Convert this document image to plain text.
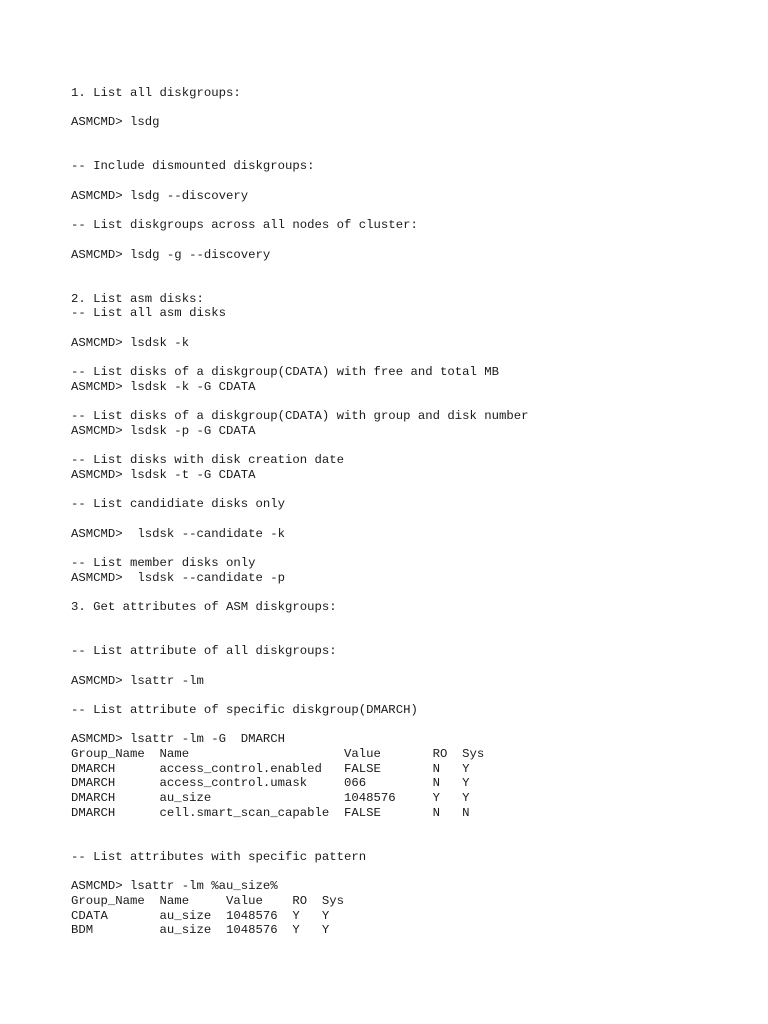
1. List all diskgroups:
ASMCMD> lsdg
-- Include dismounted diskgroups:
ASMCMD> lsdg --discovery
-- List diskgroups across all nodes of cluster:
ASMCMD> lsdg -g --discovery
2. List asm disks:
-- List all asm disks
ASMCMD> lsdsk -k
-- List disks of a diskgroup(CDATA) with free and total MB
ASMCMD> lsdsk -k -G CDATA
-- List disks of a diskgroup(CDATA) with group and disk number
ASMCMD> lsdsk -p -G CDATA
-- List disks with disk creation date
ASMCMD> lsdsk -t -G CDATA
-- List candidiate disks only
ASMCMD>  lsdsk --candidate -k
-- List member disks only
ASMCMD>  lsdsk --candidate -p
3. Get attributes of ASM diskgroups:
-- List attribute of all diskgroups:
ASMCMD> lsattr -lm
-- List attribute of specific diskgroup(DMARCH)
ASMCMD> lsattr -lm -G  DMARCH
Group_Name  Name                     Value       RO  Sys
DMARCH      access_control.enabled   FALSE       N   Y
DMARCH      access_control.umask     066         N   Y
DMARCH      au_size                  1048576     Y   Y
DMARCH      cell.smart_scan_capable  FALSE       N   N
-- List attributes with specific pattern
ASMCMD> lsattr -lm %au_size%
Group_Name  Name     Value    RO  Sys
CDATA       au_size  1048576  Y   Y
BDM         au_size  1048576  Y   Y
